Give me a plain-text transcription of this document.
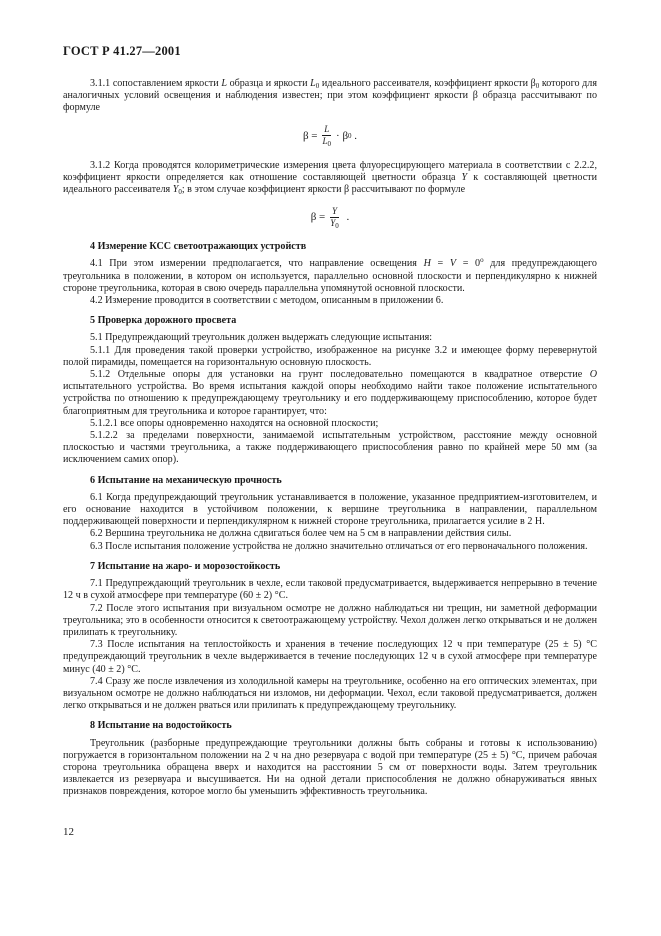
ГОСТ Р 41.27—2001

3.1.1 сопоставлением яркости L образца и яркости $L_0$ идеального рассеивателя, коэффициент яркости $\beta_0$ которого для аналогичных условий освещения и наблюдения известен; при этом коэффициент яркости β образца рассчитывают по формуле

$\beta = \frac{L}{L_0} \cdot \beta$ 0
.

3.1.2 Когда проводятся колориметрические измерения цвета флуоресцирующего материала в соответствии с 2.2.2, коэффициент яркости определяется как отношение составляющей цветности образца Y к составляющей цветности идеального рассеивателя $Y_0$; в этом случае коэффициент яркости β рассчитывают по формуле

$\beta = \frac{Y}{Y_0}$
.

4 Измерение КСС светоотражающих устройств

4.1 При этом измерении предполагается, что направление освещения $H = V = 0^о$ для предупреждающего треугольника в положении, в котором он используется, параллельно основной плоскости и перпендикулярно к нижней стороне треугольника, которая в свою очередь параллельна упомянутой основной плоскости.

4.2 Измерение проводится в соответствии с методом, описанным в приложении 6.

5 Проверка дорожного просвета

5.1 Предупреждающий треугольник должен выдержать следующие испытания:

5.1.1 Для проведения такой проверки устройство, изображенное на рисунке 3.2 и имеющее форму перевернутой полой пирамиды, помещается на горизонтальную основную плоскость.

5.1.2 Отдельные опоры для установки на грунт последовательно помещаются в квадратное отверстие O испытательного устройства. Во время испытания каждой опоры необходимо найти такое положение испытательного устройства по отношению к предупреждающему треугольнику и его поддерживающему приспособлению, которое будет благоприятным для треугольника и которое гарантирует, что:

5.1.2.1 все опоры одновременно находятся на основной плоскости;

5.1.2.2 за пределами поверхности, занимаемой испытательным устройством, расстояние между основной плоскостью и частями треугольника, а также поддерживающего приспособления равно по крайней мере 50 мм (за исключением самих опор).

6 Испытание на механическую прочность

6.1 Когда предупреждающий треугольник устанавливается в положение, указанное предприятием-изготовителем, и его основание находится в устойчивом положении, к вершине треугольника в направлении, параллельном поддерживающей поверхности и перпендикулярном к нижней стороне треугольника, прилагается усилие в 2 Н.

6.2 Вершина треугольника не должна сдвигаться более чем на 5 см в направлении действия силы.

6.3 После испытания положение устройства не должно значительно отличаться от его первоначального положения.

7 Испытание на жаро- и морозостойкость

7.1 Предупреждающий треугольник в чехле, если таковой предусматривается, выдерживается непрерывно в течение 12 ч в сухой атмосфере при температуре (60 ± 2) °С.

7.2 После этого испытания при визуальном осмотре не должно наблюдаться ни трещин, ни заметной деформации треугольника; это в особенности относится к светоотражающему устройству. Чехол должен легко открываться и не должен прилипать к треугольнику.

7.3 После испытания на теплостойкость и хранения в течение последующих 12 ч при температуре (25 ± 5) °С предупреждающий треугольник в чехле выдерживается в течение последующих 12 ч в сухой атмосфере при температуре минус (40 ± 2) °С.

7.4 Сразу же после извлечения из холодильной камеры на треугольнике, особенно на его оптических элементах, при визуальном осмотре не должно наблюдаться ни изломов, ни деформации. Чехол, если таковой предусматривается, должен легко открываться и не должен рваться или прилипать к предупреждающему треугольнику.

8 Испытание на водостойкость

Треугольник (разборные предупреждающие треугольники должны быть собраны и готовы к использованию) погружается в горизонтальном положении на 2 ч на дно резервуара с водой при температуре (25 ± 5) °С, причем рабочая сторона треугольника обращена вверх и находится на расстоянии 5 см от поверхности воды. Затем треугольник извлекается из резервуара и высушивается. Ни на одной детали приспособления не должно обнаруживаться явных признаков повреждения, которое могло бы уменьшить эффективность треугольника.

12
